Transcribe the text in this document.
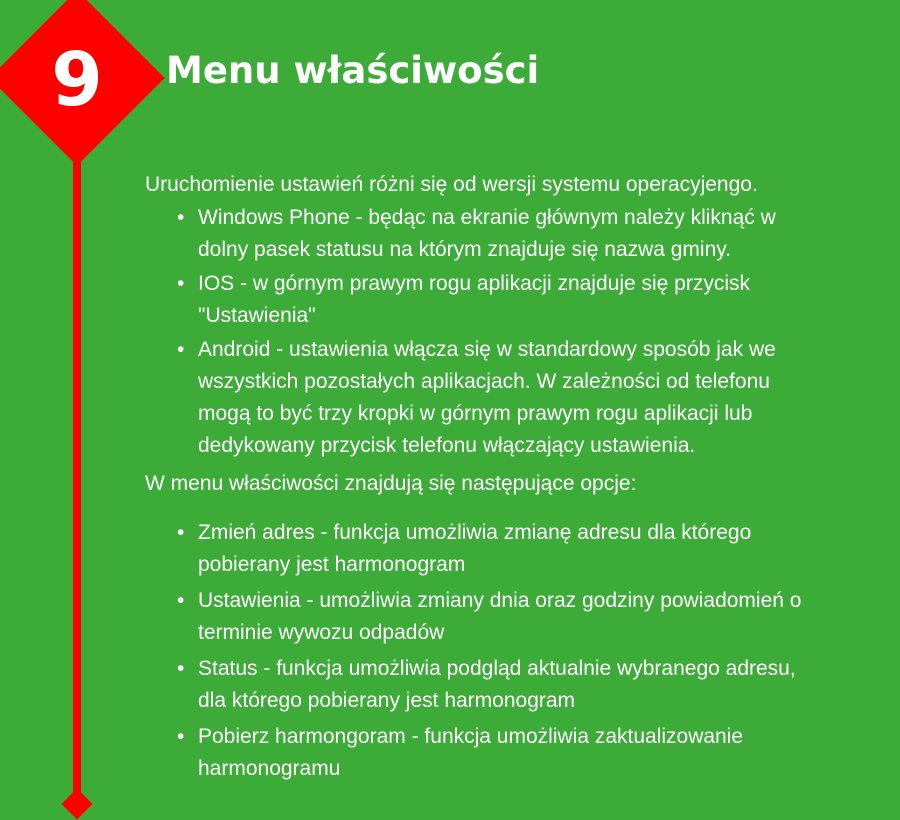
9	Menu właściwości

Uruchomienie ustawień różni się od wersji systemu operacyjengo.

• Windows Phone - będąc na ekranie głównym należy kliknąć w
dolny pasek statusu na którym znajduje się nazwa gminy.
• IOS - w górnym prawym rogu aplikacji znajduje się przycisk
"Ustawienia"
• Android - ustawienia włącza się w standardowy sposób jak we
wszystkich pozostałych aplikacjach. W zależności od telefonu
mogą to być trzy kropki w górnym prawym rogu aplikacji lub
dedykowany przycisk telefonu włączający ustawienia.

W menu właściwości znajdują się następujące opcje:

• Zmień adres - funkcja umożliwia zmianę adresu dla którego
pobierany jest harmonogram
• Ustawienia - umożliwia zmiany dnia oraz godziny powiadomień o
terminie wywozu odpadów
• Status - funkcja umożliwia podgląd aktualnie wybranego adresu,
dla którego pobierany jest harmonogram
• Pobierz harmongoram - funkcja umożliwia zaktualizowanie
harmonogramu
